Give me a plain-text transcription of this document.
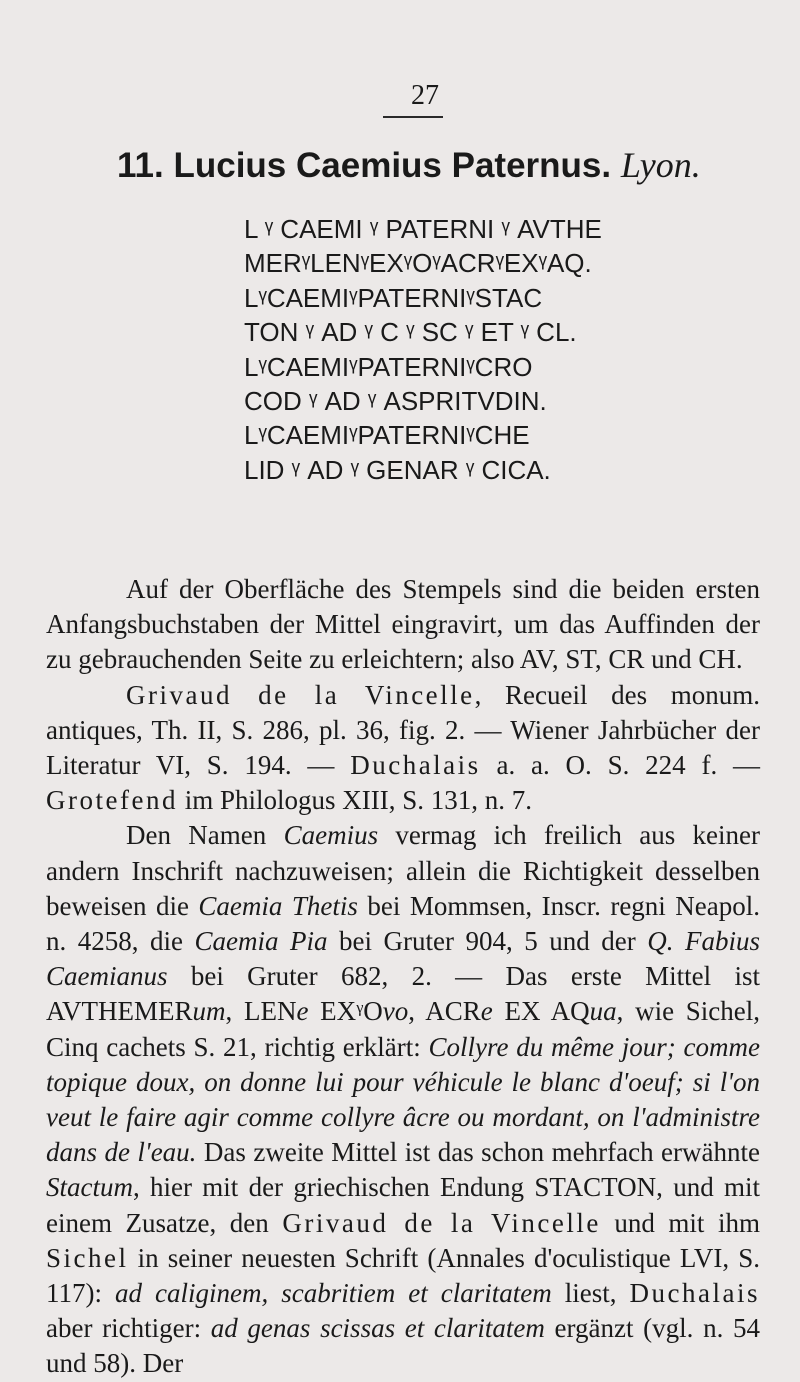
27
11. Lucius Caemius Paternus. Lyon.
L ᵞ CAEMI ᵞ PATERNI ᵞ AVTHE
MERᵞLENᵞEXᵞOᵞACRᵞEXᵞAQ.
LᵞCAEMIᵞPATERNIᵞSTAC
TON ᵞ AD ᵞ C ᵞ SC ᵞ ET ᵞ CL.
LᵞCAEMIᵞPATERNIᵞCRO
COD ᵞ AD ᵞ ASPRITVDIN.
LᵞCAEMIᵞPATERNIᵞCHE
LID ᵞ AD ᵞ GENAR ᵞ CICA.

Auf der Oberfläche des Stempels sind die beiden ersten Anfangsbuchstaben der Mittel eingravirt, um das Auffinden der zu gebrauchenden Seite zu erleichtern; also AV, ST, CR und CH.

Grivaud de la Vincelle, Recueil des monum. antiques, Th. II, S. 286, pl. 36, fig. 2. — Wiener Jahrbücher der Literatur VI, S. 194. — Duchalais a. a. O. S. 224 f. — Grotefend im Philologus XIII, S. 131, n. 7.

Den Namen Caemius vermag ich freilich aus keiner andern Inschrift nachzuweisen; allein die Richtigkeit desselben beweisen die Caemia Thetis bei Mommsen, Inscr. regni Neapol. n. 4258, die Caemia Pia bei Gruter 904, 5 und der Q. Fabius Caemianus bei Gruter 682, 2. — Das erste Mittel ist AVTHEMERum, LENe EXᵞOvo, ACRe EX AQua, wie Sichel, Cinq cachets S. 21, richtig erklärt: Collyre du même jour; comme topique doux, on donne lui pour véhicule le blanc d'oeuf; si l'on veut le faire agir comme collyre âcre ou mordant, on l'administre dans de l'eau. Das zweite Mittel ist das schon mehrfach erwähnte Stactum, hier mit der griechischen Endung STACTON, und mit einem Zusatze, den Grivaud de la Vincelle und mit ihm Sichel in seiner neuesten Schrift (Annales d'oculistique LVI, S. 117): ad caliginem, scabritiem et claritatem liest, Duchalais aber richtiger: ad genas scissas et claritatem ergänzt (vgl. n. 54 und 58). Der
